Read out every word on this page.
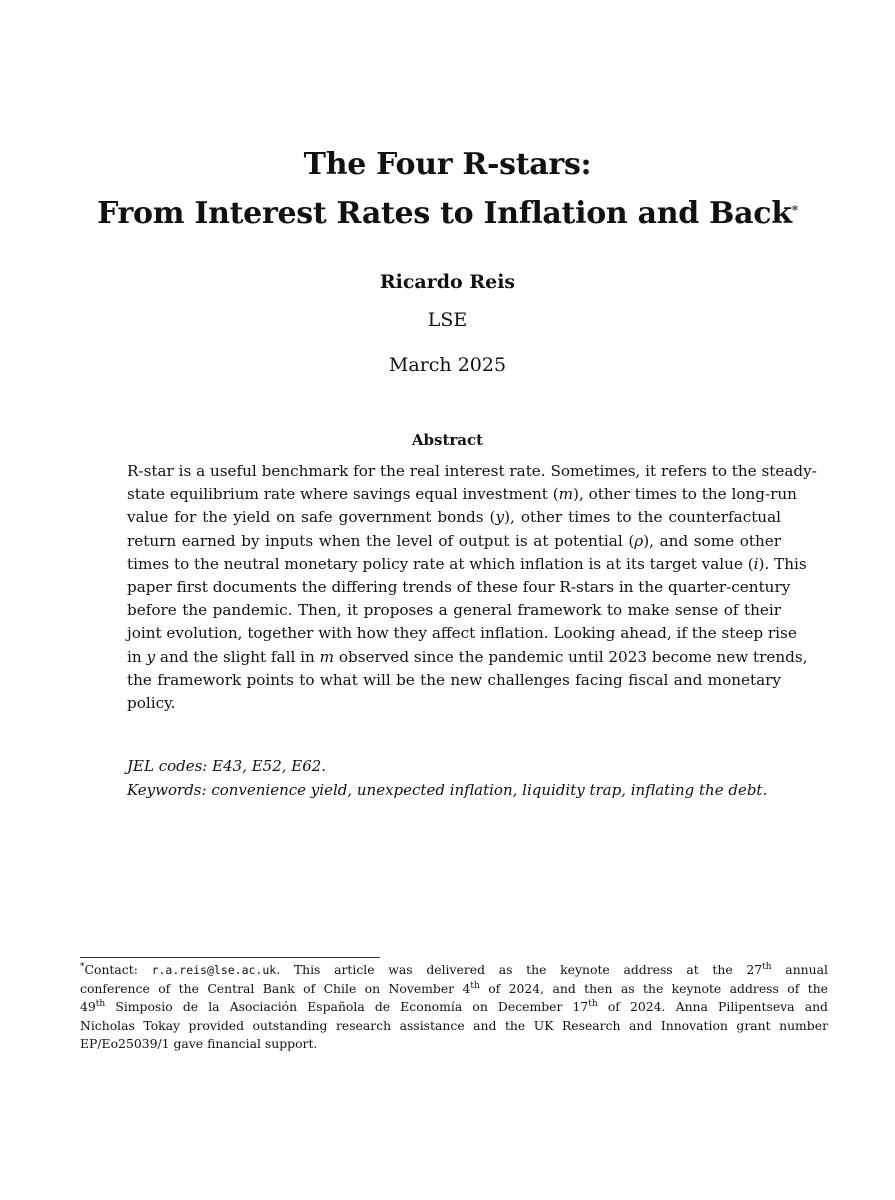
The Four R-stars:
From Interest Rates to Inflation and Back*
Ricardo Reis
LSE
March 2025
Abstract
R-star is a useful benchmark for the real interest rate. Sometimes, it refers to the steady-
state equilibrium rate where savings equal investment (m), other times to the long-run
value for the yield on safe government bonds (y), other times to the counterfactual
return earned by inputs when the level of output is at potential (ρ), and some other
times to the neutral monetary policy rate at which inflation is at its target value (i). This
paper first documents the differing trends of these four R-stars in the quarter-century
before the pandemic. Then, it proposes a general framework to make sense of their
joint evolution, together with how they affect inflation. Looking ahead, if the steep rise
in y and the slight fall in m observed since the pandemic until 2023 become new trends,
the framework points to what will be the new challenges facing fiscal and monetary
policy.
JEL codes: E43, E52, E62.
Keywords: convenience yield, unexpected inflation, liquidity trap, inflating the debt.
*Contact: r.a.reis@lse.ac.uk. This article was delivered as the keynote address at the 27th annual
conference of the Central Bank of Chile on November 4th of 2024, and then as the keynote address of the
49th Simposio de la Asociación Española de Economía on December 17th of 2024. Anna Pilipentseva and
Nicholas Tokay provided outstanding research assistance and the UK Research and Innovation grant number
EP/Eo25039/1 gave financial support.
